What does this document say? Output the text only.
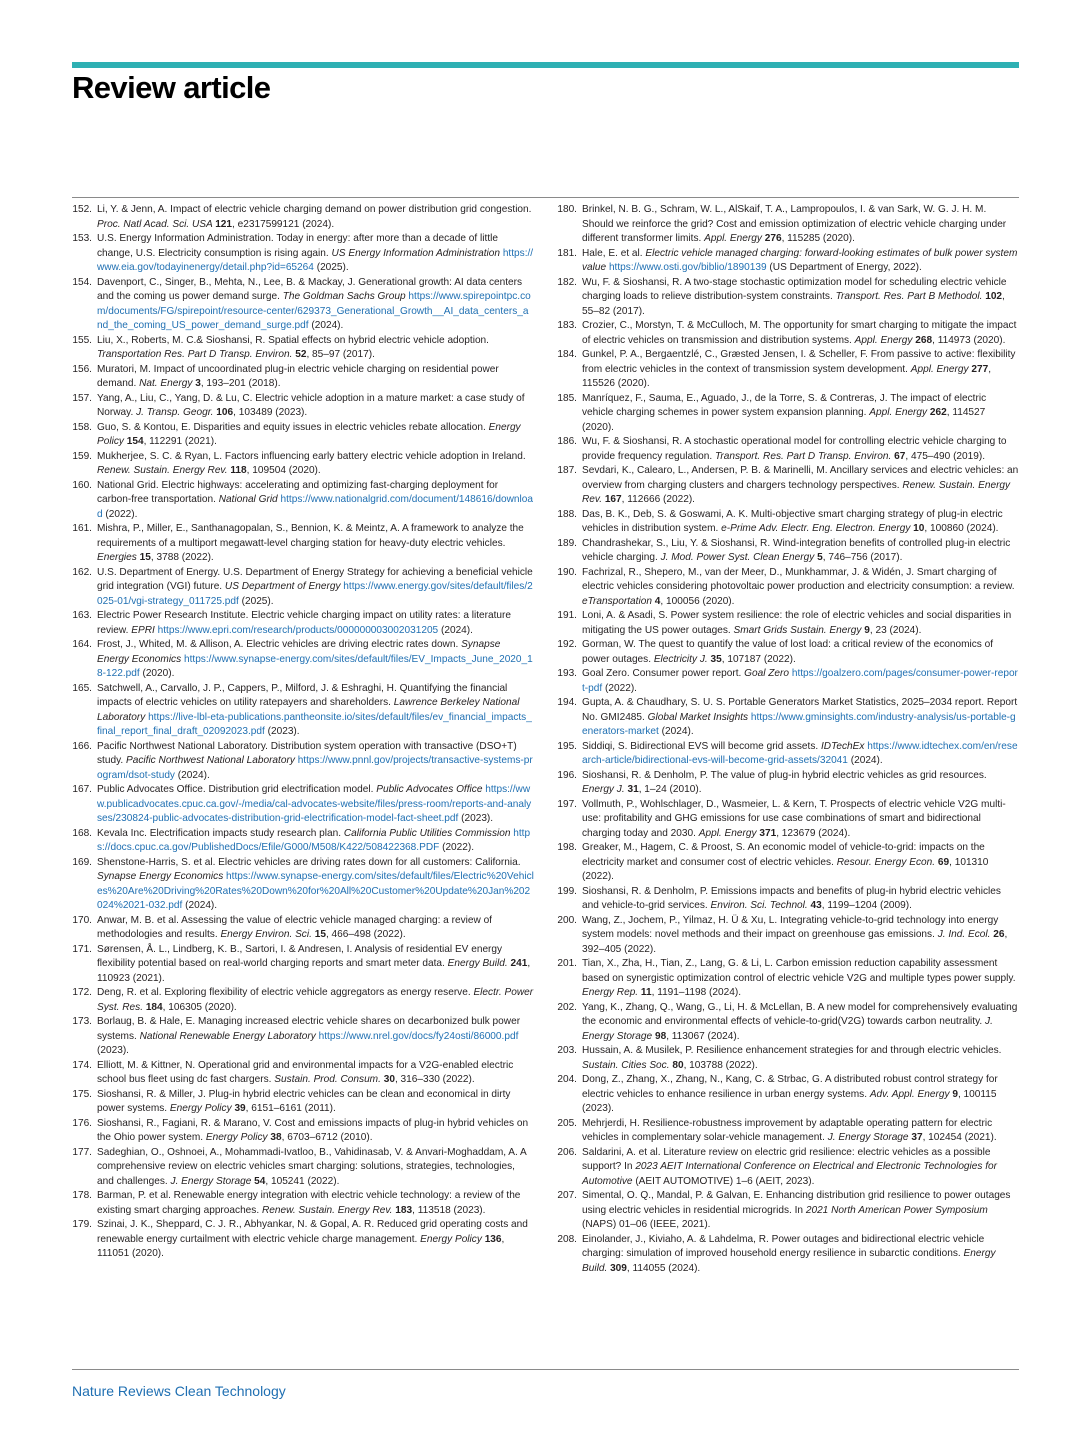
Review article
152. Li, Y. & Jenn, A. Impact of electric vehicle charging demand on power distribution grid congestion. Proc. Natl Acad. Sci. USA 121, e2317599121 (2024).
153. U.S. Energy Information Administration. Today in energy: after more than a decade of little change, U.S. Electricity consumption is rising again. US Energy Information Administration https://www.eia.gov/todayinenergy/detail.php?id=65264 (2025).
154. Davenport, C., Singer, B., Mehta, N., Lee, B. & Mackay, J. Generational growth: AI data centers and the coming us power demand surge. The Goldman Sachs Group https://www.spirepointpc.com/documents/FG/spirepoint/resource-center/629373_Generational_Growth__AI_data_centers_and_the_coming_US_power_demand_surge.pdf (2024).
155. Liu, X., Roberts, M. C.& Sioshansi, R. Spatial effects on hybrid electric vehicle adoption. Transportation Res. Part D Transp. Environ. 52, 85–97 (2017).
156. Muratori, M. Impact of uncoordinated plug-in electric vehicle charging on residential power demand. Nat. Energy 3, 193–201 (2018).
157. Yang, A., Liu, C., Yang, D. & Lu, C. Electric vehicle adoption in a mature market: a case study of Norway. J. Transp. Geogr. 106, 103489 (2023).
158. Guo, S. & Kontou, E. Disparities and equity issues in electric vehicles rebate allocation. Energy Policy 154, 112291 (2021).
159. Mukherjee, S. C. & Ryan, L. Factors influencing early battery electric vehicle adoption in Ireland. Renew. Sustain. Energy Rev. 118, 109504 (2020).
160. National Grid. Electric highways: accelerating and optimizing fast-charging deployment for carbon-free transportation. National Grid https://www.nationalgrid.com/document/148616/download (2022).
161. Mishra, P., Miller, E., Santhanagopalan, S., Bennion, K. & Meintz, A. A framework to analyze the requirements of a multiport megawatt-level charging station for heavy-duty electric vehicles. Energies 15, 3788 (2022).
162. U.S. Department of Energy. U.S. Department of Energy Strategy for achieving a beneficial vehicle grid integration (VGI) future. US Department of Energy https://www.energy.gov/sites/default/files/2025-01/vgi-strategy_011725.pdf (2025).
163. Electric Power Research Institute. Electric vehicle charging impact on utility rates: a literature review. EPRI https://www.epri.com/research/products/000000003002031205 (2024).
164. Frost, J., Whited, M. & Allison, A. Electric vehicles are driving electric rates down. Synapse Energy Economics https://www.synapse-energy.com/sites/default/files/EV_Impacts_June_2020_18-122.pdf (2020).
165. Satchwell, A., Carvallo, J. P., Cappers, P., Milford, J. & Eshraghi, H. Quantifying the financial impacts of electric vehicles on utility ratepayers and shareholders. Lawrence Berkeley National Laboratory https://live-lbl-eta-publications.pantheonsite.io/sites/default/files/ev_financial_impacts_final_report_final_draft_02092023.pdf (2023).
166. Pacific Northwest National Laboratory. Distribution system operation with transactive (DSO+T) study. Pacific Northwest National Laboratory https://www.pnnl.gov/projects/transactive-systems-program/dsot-study (2024).
167. Public Advocates Office. Distribution grid electrification model. Public Advocates Office https://www.publicadvocates.cpuc.ca.gov/-/media/cal-advocates-website/files/press-room/reports-and-analyses/230824-public-advocates-distribution-grid-electrification-model-fact-sheet.pdf (2023).
168. Kevala Inc. Electrification impacts study research plan. California Public Utilities Commission https://docs.cpuc.ca.gov/PublishedDocs/Efile/G000/M508/K422/508422368.PDF (2022).
169. Shenstone-Harris, S. et al. Electric vehicles are driving rates down for all customers: California. Synapse Energy Economics https://www.synapse-energy.com/sites/default/files/Electric%20Vehicles%20Are%20Driving%20Rates%20Down%20for%20All%20Customer%20Update%20Jan%202024%2021-032.pdf (2024).
170. Anwar, M. B. et al. Assessing the value of electric vehicle managed charging: a review of methodologies and results. Energy Environ. Sci. 15, 466–498 (2022).
171. Sørensen, Å. L., Lindberg, K. B., Sartori, I. & Andresen, I. Analysis of residential EV energy flexibility potential based on real-world charging reports and smart meter data. Energy Build. 241, 110923 (2021).
172. Deng, R. et al. Exploring flexibility of electric vehicle aggregators as energy reserve. Electr. Power Syst. Res. 184, 106305 (2020).
173. Borlaug, B. & Hale, E. Managing increased electric vehicle shares on decarbonized bulk power systems. National Renewable Energy Laboratory https://www.nrel.gov/docs/fy24osti/86000.pdf (2023).
174. Elliott, M. & Kittner, N. Operational grid and environmental impacts for a V2G-enabled electric school bus fleet using dc fast chargers. Sustain. Prod. Consum. 30, 316–330 (2022).
175. Sioshansi, R. & Miller, J. Plug-in hybrid electric vehicles can be clean and economical in dirty power systems. Energy Policy 39, 6151–6161 (2011).
176. Sioshansi, R., Fagiani, R. & Marano, V. Cost and emissions impacts of plug-in hybrid vehicles on the Ohio power system. Energy Policy 38, 6703–6712 (2010).
177. Sadeghian, O., Oshnoei, A., Mohammadi-Ivatloo, B., Vahidinasab, V. & Anvari-Moghaddam, A. A comprehensive review on electric vehicles smart charging: solutions, strategies, technologies, and challenges. J. Energy Storage 54, 105241 (2022).
178. Barman, P. et al. Renewable energy integration with electric vehicle technology: a review of the existing smart charging approaches. Renew. Sustain. Energy Rev. 183, 113518 (2023).
179. Szinai, J. K., Sheppard, C. J. R., Abhyankar, N. & Gopal, A. R. Reduced grid operating costs and renewable energy curtailment with electric vehicle charge management. Energy Policy 136, 111051 (2020).
180. Brinkel, N. B. G., Schram, W. L., AlSkaif, T. A., Lampropoulos, I. & van Sark, W. G. J. H. M. Should we reinforce the grid? Cost and emission optimization of electric vehicle charging under different transformer limits. Appl. Energy 276, 115285 (2020).
181. Hale, E. et al. Electric vehicle managed charging: forward-looking estimates of bulk power system value https://www.osti.gov/biblio/1890139 (US Department of Energy, 2022).
182. Wu, F. & Sioshansi, R. A two-stage stochastic optimization model for scheduling electric vehicle charging loads to relieve distribution-system constraints. Transport. Res. Part B Methodol. 102, 55–82 (2017).
183. Crozier, C., Morstyn, T. & McCulloch, M. The opportunity for smart charging to mitigate the impact of electric vehicles on transmission and distribution systems. Appl. Energy 268, 114973 (2020).
184. Gunkel, P. A., Bergaentzlé, C., Græsted Jensen, I. & Scheller, F. From passive to active: flexibility from electric vehicles in the context of transmission system development. Appl. Energy 277, 115526 (2020).
185. Manríquez, F., Sauma, E., Aguado, J., de la Torre, S. & Contreras, J. The impact of electric vehicle charging schemes in power system expansion planning. Appl. Energy 262, 114527 (2020).
186. Wu, F. & Sioshansi, R. A stochastic operational model for controlling electric vehicle charging to provide frequency regulation. Transport. Res. Part D Transp. Environ. 67, 475–490 (2019).
187. Sevdari, K., Calearo, L., Andersen, P. B. & Marinelli, M. Ancillary services and electric vehicles: an overview from charging clusters and chargers technology perspectives. Renew. Sustain. Energy Rev. 167, 112666 (2022).
188. Das, B. K., Deb, S. & Goswami, A. K. Multi-objective smart charging strategy of plug-in electric vehicles in distribution system. e-Prime Adv. Electr. Eng. Electron. Energy 10, 100860 (2024).
189. Chandrashekar, S., Liu, Y. & Sioshansi, R. Wind-integration benefits of controlled plug-in electric vehicle charging. J. Mod. Power Syst. Clean Energy 5, 746–756 (2017).
190. Fachrizal, R., Shepero, M., van der Meer, D., Munkhammar, J. & Widén, J. Smart charging of electric vehicles considering photovoltaic power production and electricity consumption: a review. eTransportation 4, 100056 (2020).
191. Loni, A. & Asadi, S. Power system resilience: the role of electric vehicles and social disparities in mitigating the US power outages. Smart Grids Sustain. Energy 9, 23 (2024).
192. Gorman, W. The quest to quantify the value of lost load: a critical review of the economics of power outages. Electricity J. 35, 107187 (2022).
193. Goal Zero. Consumer power report. Goal Zero https://goalzero.com/pages/consumer-power-report-pdf (2022).
194. Gupta, A. & Chaudhary, S. U. S. Portable Generators Market Statistics, 2025–2034 report. Report No. GMI2485. Global Market Insights https://www.gminsights.com/industry-analysis/us-portable-generators-market (2024).
195. Siddiqi, S. Bidirectional EVS will become grid assets. IDTechEx https://www.idtechex.com/en/research-article/bidirectional-evs-will-become-grid-assets/32041 (2024).
196. Sioshansi, R. & Denholm, P. The value of plug-in hybrid electric vehicles as grid resources. Energy J. 31, 1–24 (2010).
197. Vollmuth, P., Wohlschlager, D., Wasmeier, L. & Kern, T. Prospects of electric vehicle V2G multi-use: profitability and GHG emissions for use case combinations of smart and bidirectional charging today and 2030. Appl. Energy 371, 123679 (2024).
198. Greaker, M., Hagem, C. & Proost, S. An economic model of vehicle-to-grid: impacts on the electricity market and consumer cost of electric vehicles. Resour. Energy Econ. 69, 101310 (2022).
199. Sioshansi, R. & Denholm, P. Emissions impacts and benefits of plug-in hybrid electric vehicles and vehicle-to-grid services. Environ. Sci. Technol. 43, 1199–1204 (2009).
200. Wang, Z., Jochem, P., Yilmaz, H. Ü & Xu, L. Integrating vehicle-to-grid technology into energy system models: novel methods and their impact on greenhouse gas emissions. J. Ind. Ecol. 26, 392–405 (2022).
201. Tian, X., Zha, H., Tian, Z., Lang, G. & Li, L. Carbon emission reduction capability assessment based on synergistic optimization control of electric vehicle V2G and multiple types power supply. Energy Rep. 11, 1191–1198 (2024).
202. Yang, K., Zhang, Q., Wang, G., Li, H. & McLellan, B. A new model for comprehensively evaluating the economic and environmental effects of vehicle-to-grid(V2G) towards carbon neutrality. J. Energy Storage 98, 113067 (2024).
203. Hussain, A. & Musilek, P. Resilience enhancement strategies for and through electric vehicles. Sustain. Cities Soc. 80, 103788 (2022).
204. Dong, Z., Zhang, X., Zhang, N., Kang, C. & Strbac, G. A distributed robust control strategy for electric vehicles to enhance resilience in urban energy systems. Adv. Appl. Energy 9, 100115 (2023).
205. Mehrjerdi, H. Resilience-robustness improvement by adaptable operating pattern for electric vehicles in complementary solar-vehicle management. J. Energy Storage 37, 102454 (2021).
206. Saldarini, A. et al. Literature review on electric grid resilience: electric vehicles as a possible support? In 2023 AEIT International Conference on Electrical and Electronic Technologies for Automotive (AEIT AUTOMOTIVE) 1–6 (AEIT, 2023).
207. Simental, O. Q., Mandal, P. & Galvan, E. Enhancing distribution grid resilience to power outages using electric vehicles in residential microgrids. In 2021 North American Power Symposium (NAPS) 01–06 (IEEE, 2021).
208. Einolander, J., Kiviaho, A. & Lahdelma, R. Power outages and bidirectional electric vehicle charging: simulation of improved household energy resilience in subarctic conditions. Energy Build. 309, 114055 (2024).
Nature Reviews Clean Technology
